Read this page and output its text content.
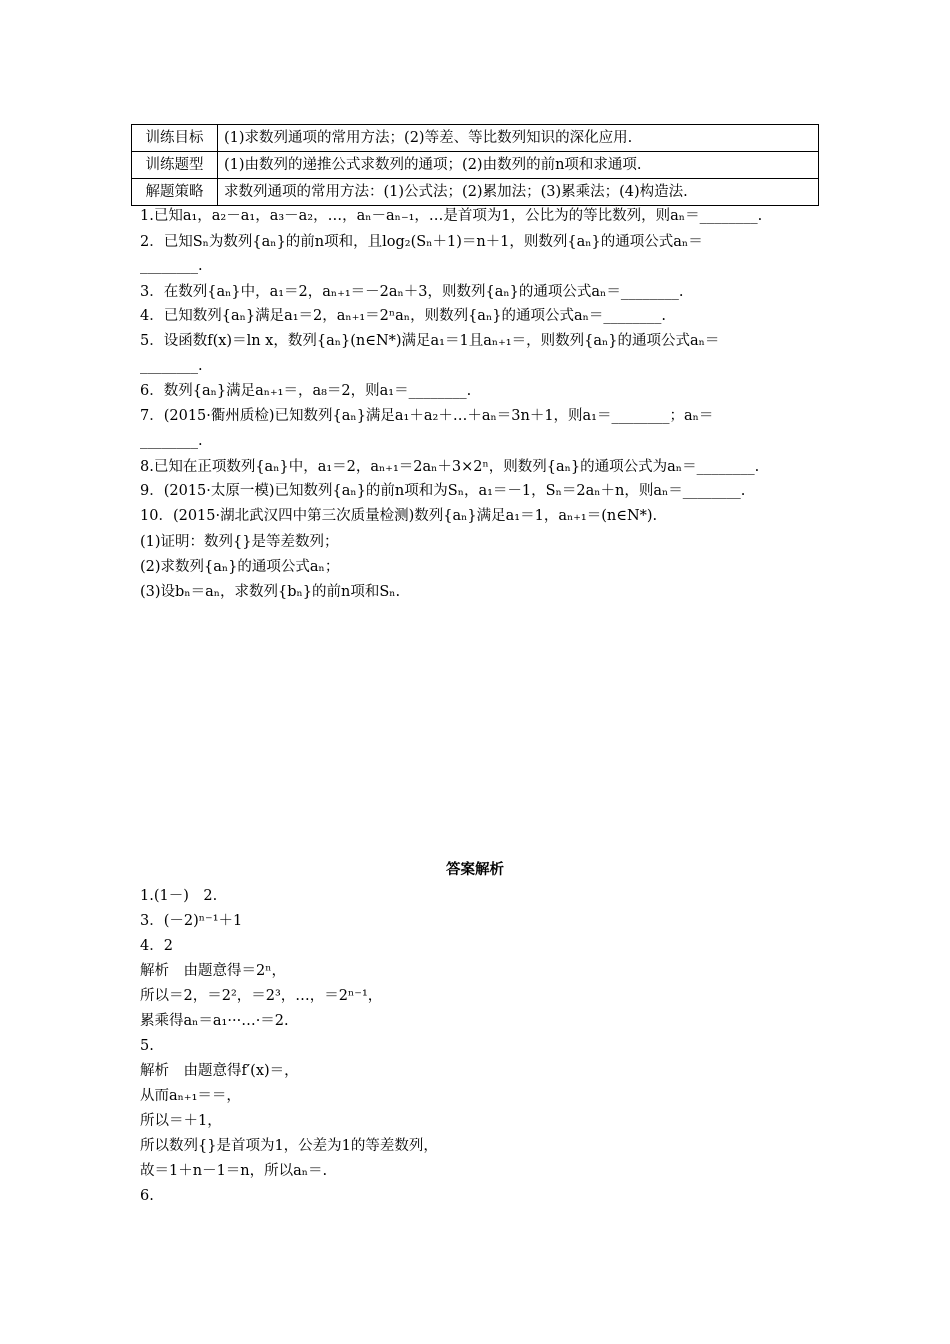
训练目标	(1)求数列通项的常用方法；(2)等差、等比数列知识的深化应用.
训练题型	(1)由数列的递推公式求数列的通项；(2)由数列的前n项和求通项.
解题策略	求数列通项的常用方法：(1)公式法；(2)累加法；(3)累乘法；(4)构造法.
1.已知a₁，a₂－a₁，a₃－a₂，…，aₙ－aₙ₋₁，…是首项为1，公比为的等比数列，则aₙ＝________.
2．已知Sₙ为数列{aₙ}的前n项和，且log₂(Sₙ＋1)＝n＋1，则数列{aₙ}的通项公式aₙ＝
________.
3．在数列{aₙ}中，a₁＝2，aₙ₊₁＝－2aₙ＋3，则数列{aₙ}的通项公式aₙ＝________.
4．已知数列{aₙ}满足a₁＝2，aₙ₊₁＝2ⁿaₙ，则数列{aₙ}的通项公式aₙ＝________.
5．设函数f(x)＝ln x，数列{aₙ}(n∈N*)满足a₁＝1且aₙ₊₁＝，则数列{aₙ}的通项公式aₙ＝
________.
6．数列{aₙ}满足aₙ₊₁＝，a₈＝2，则a₁＝________.
7．(2015·衢州质检)已知数列{aₙ}满足a₁＋a₂＋…＋aₙ＝3n＋1，则a₁＝________；aₙ＝
________.
8.已知在正项数列{aₙ}中，a₁＝2，aₙ₊₁＝2aₙ＋3×2ⁿ，则数列{aₙ}的通项公式为aₙ＝________.
9．(2015·太原一模)已知数列{aₙ}的前n项和为Sₙ，a₁＝－1，Sₙ＝2aₙ＋n，则aₙ＝________.
10．(2015·湖北武汉四中第三次质量检测)数列{aₙ}满足a₁＝1，aₙ₊₁＝(n∈N*).
(1)证明：数列{}是等差数列；
(2)求数列{aₙ}的通项公式aₙ；
(3)设bₙ＝aₙ，求数列{bₙ}的前n项和Sₙ.
答案解析
1.(1－)　2.
3．(－2)ⁿ⁻¹＋1
4．2
解析　由题意得＝2ⁿ，
所以＝2，＝2²，＝2³，…，＝2ⁿ⁻¹，
累乘得aₙ＝a₁···…·＝2.
5.
解析　由题意得f′(x)＝，
从而aₙ₊₁＝＝，
所以＝＋1，
所以数列{}是首项为1，公差为1的等差数列，
故＝1＋n－1＝n，所以aₙ＝.
6.
